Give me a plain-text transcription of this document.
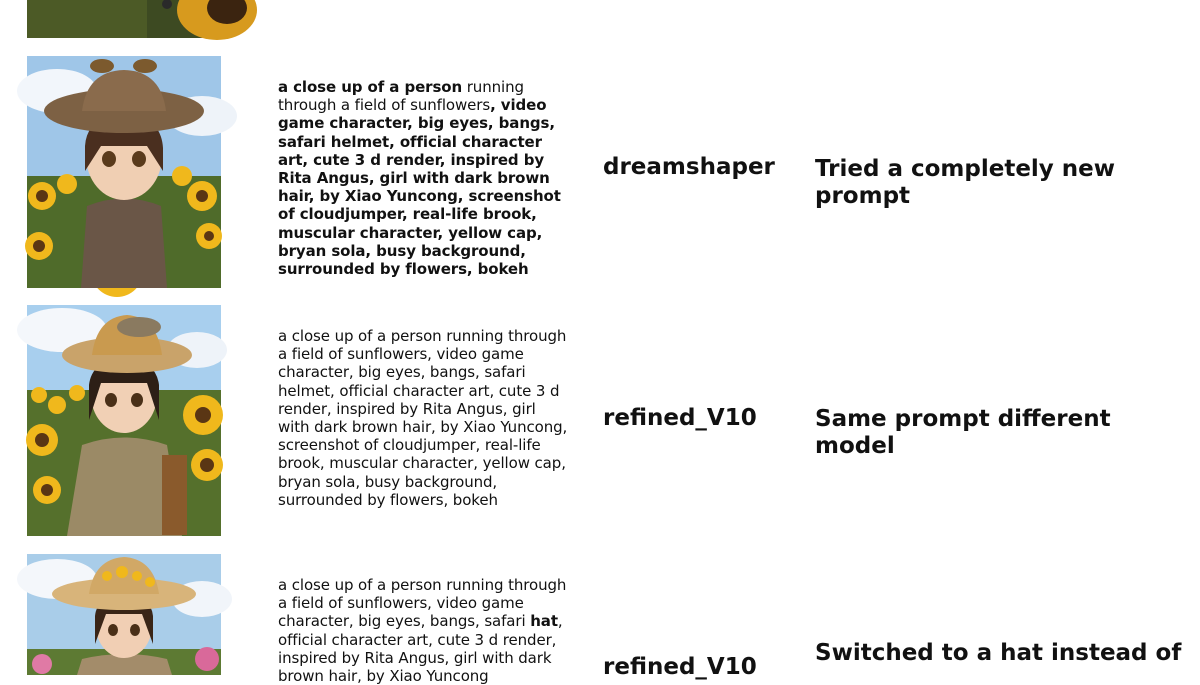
a close up of a person running through a field of sunflowers, video game character, big eyes, bangs, safari helmet, official character art, cute 3 d render, inspired by Rita Angus, girl with dark brown hair, by Xiao Yuncong, screenshot of cloudjumper, real-life brook, muscular character, yellow cap, bryan sola, busy background, surrounded by flowers, bokeh
dreamshaper Tried a completely new prompt
a close up of a person running through a field of sunflowers, video game character, big eyes, bangs, safari helmet, official character art, cute 3 d render, inspired by Rita Angus, girl with dark brown hair, by Xiao Yuncong, screenshot of cloudjumper, real-life brook, muscular character, yellow cap, bryan sola, busy background, surrounded by flowers, bokeh
refined_V10	Same prompt different model
a close up of a person running through a field of sunflowers, video game character, big eyes, bangs, safari hat, official character art, cute 3 d render, inspired by Rita Angus, girl with dark brown hair, by Xiao Yuncong	refined_V10
Switched to a hat instead of
